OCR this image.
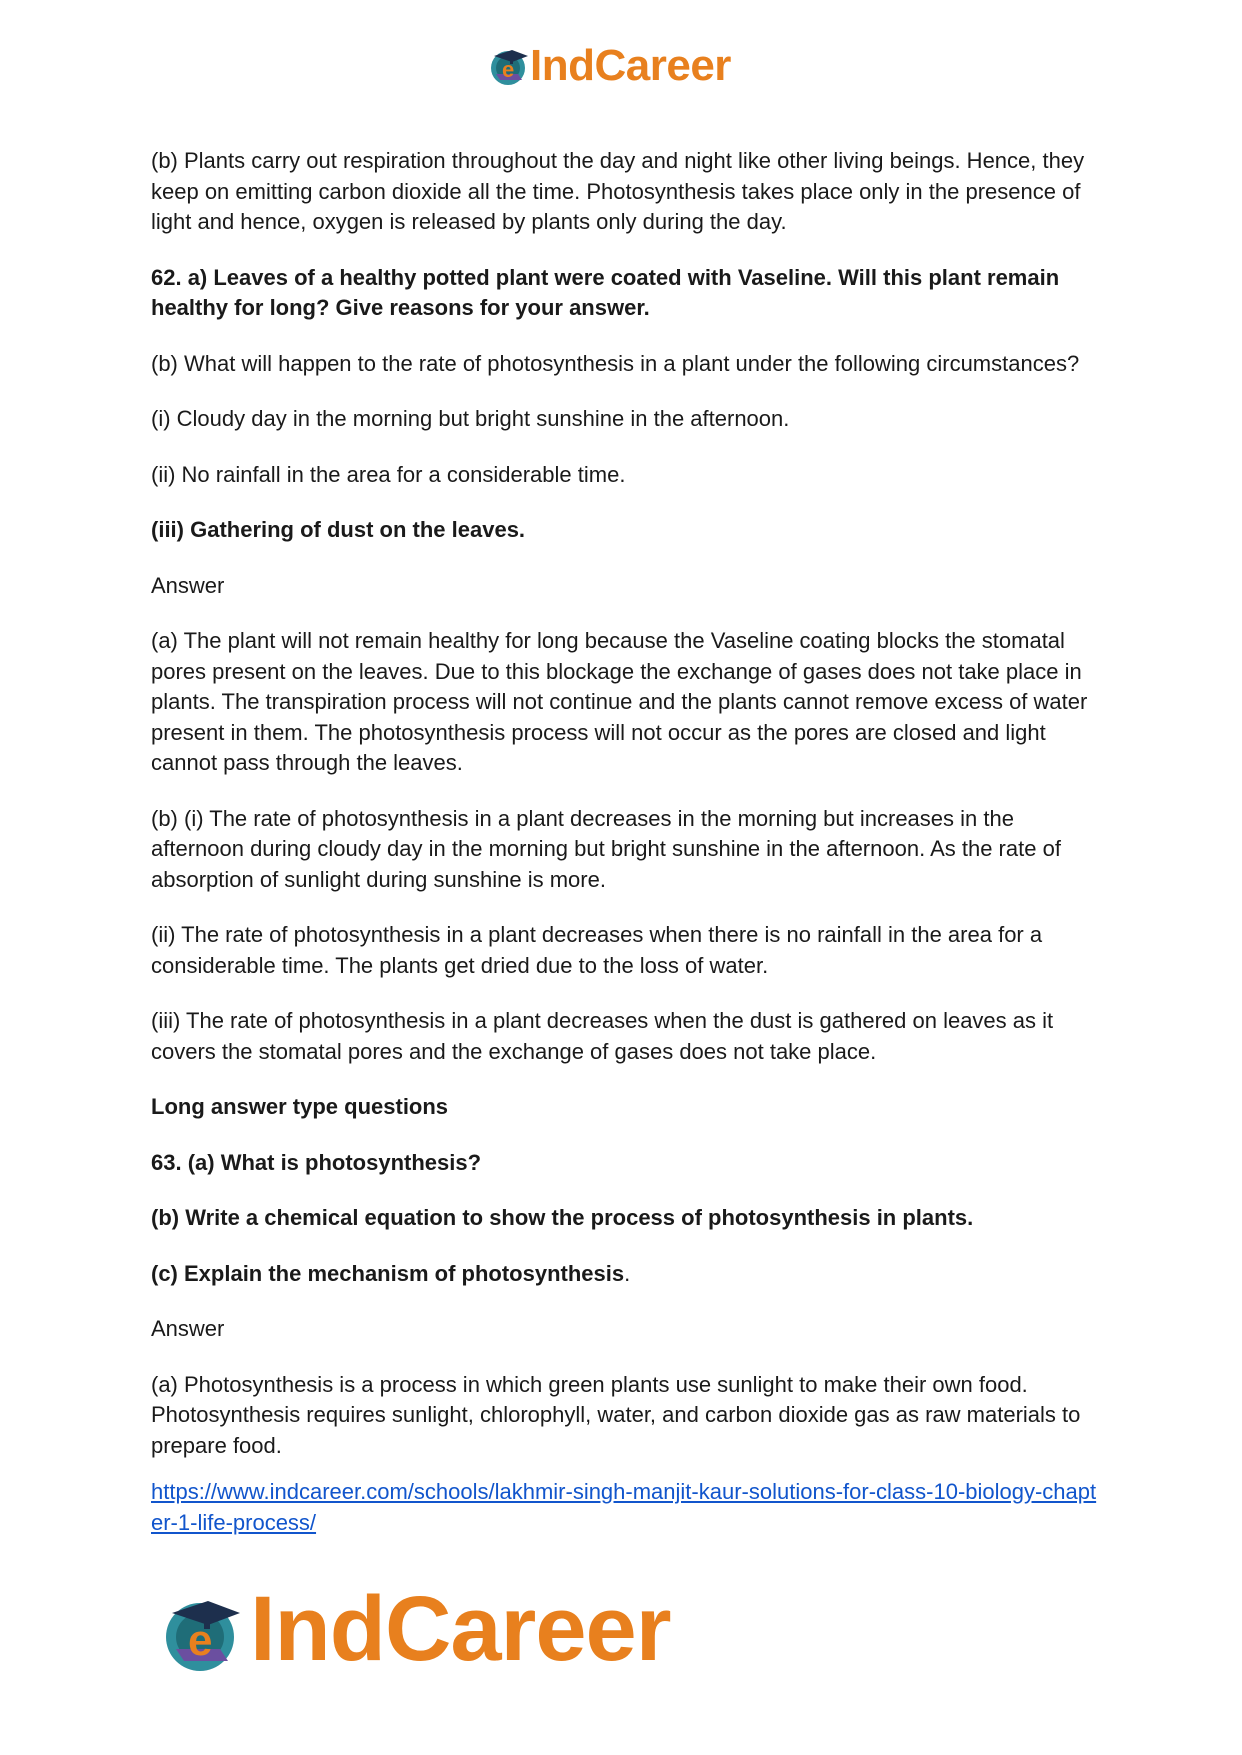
e IndCareer

(b) Plants carry out respiration throughout the day and night like other living beings. Hence, they keep on emitting carbon dioxide all the time. Photosynthesis takes place only in the presence of light and hence, oxygen is released by plants only during the day.

62. a) Leaves of a healthy potted plant were coated with Vaseline. Will this plant remain healthy for long? Give reasons for your answer.

(b) What will happen to the rate of photosynthesis in a plant under the following circumstances?

(i) Cloudy day in the morning but bright sunshine in the afternoon.

(ii) No rainfall in the area for a considerable time.

(iii) Gathering of dust on the leaves.

Answer

(a) The plant will not remain healthy for long because the Vaseline coating blocks the stomatal pores present on the leaves. Due to this blockage the exchange of gases does not take place in plants. The transpiration process will not continue and the plants cannot remove excess of water present in them. The photosynthesis process will not occur as the pores are closed and light cannot pass through the leaves.

(b) (i) The rate of photosynthesis in a plant decreases in the morning but increases in the afternoon during cloudy day in the morning but bright sunshine in the afternoon. As the rate of absorption of sunlight during sunshine is more.

(ii) The rate of photosynthesis in a plant decreases when there is no rainfall in the area for a considerable time. The plants get dried due to the loss of water.

(iii) The rate of photosynthesis in a plant decreases when the dust is gathered on leaves as it covers the stomatal pores and the exchange of gases does not take place.

Long answer type questions

63. (a) What is photosynthesis?

(b) Write a chemical equation to show the process of photosynthesis in plants.

(c) Explain the mechanism of photosynthesis.

Answer

(a) Photosynthesis is a process in which green plants use sunlight to make their own food. Photosynthesis requires sunlight, chlorophyll, water, and carbon dioxide gas as raw materials to prepare food.

https://www.indcareer.com/schools/lakhmir-singh-manjit-kaur-solutions-for-class-10-biology-chapter-1-life-process/
e IndCareer
